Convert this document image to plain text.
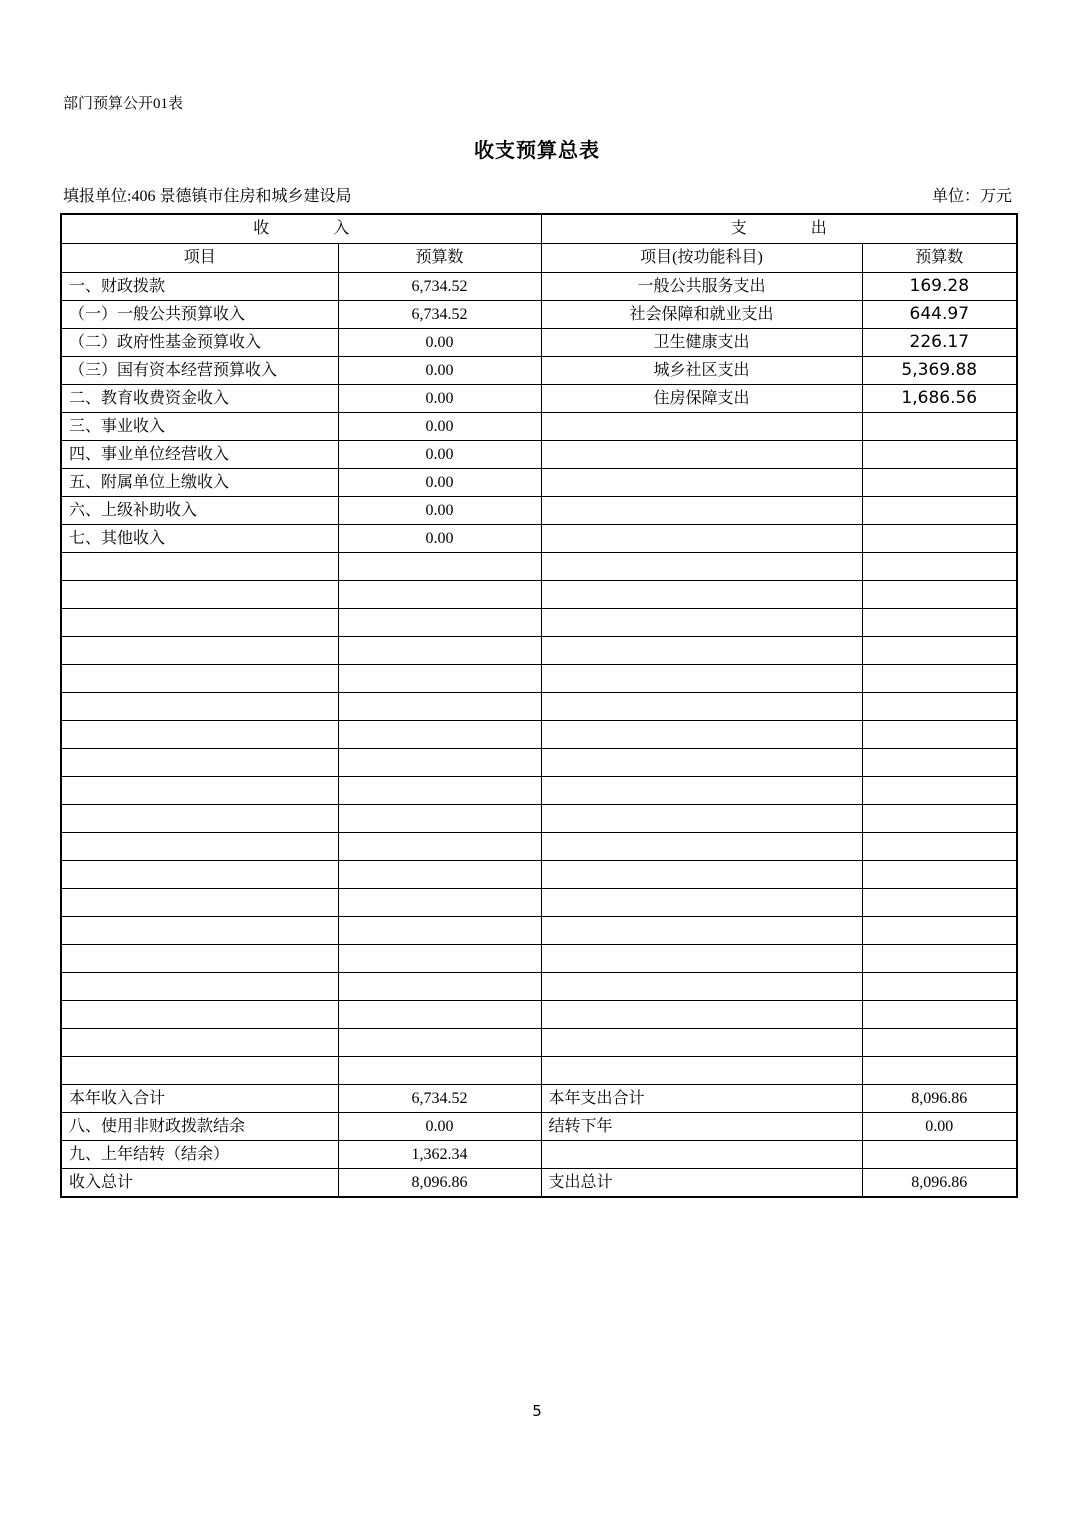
部门预算公开01表
收支预算总表
填报单位:406 景德镇市住房和城乡建设局	单位：万元
收　　　　入		支　　　　出	
项目	预算数	项目(按功能科目)	预算数
一、财政拨款	6,734.52	一般公共服务支出	169.28
（一）一般公共预算收入	6,734.52	社会保障和就业支出	644.97
（二）政府性基金预算收入	0.00	卫生健康支出	226.17
（三）国有资本经营预算收入	0.00	城乡社区支出	5,369.88
二、教育收费资金收入	0.00	住房保障支出	1,686.56
三、事业收入	0.00		
四、事业单位经营收入	0.00		
五、附属单位上缴收入	0.00		
六、上级补助收入	0.00		
七、其他收入	0.00		

本年收入合计	6,734.52	本年支出合计	8,096.86
八、使用非财政拨款结余	0.00	结转下年	0.00
九、上年结转（结余）	1,362.34		
收入总计	8,096.86	支出总计	8,096.86
5
